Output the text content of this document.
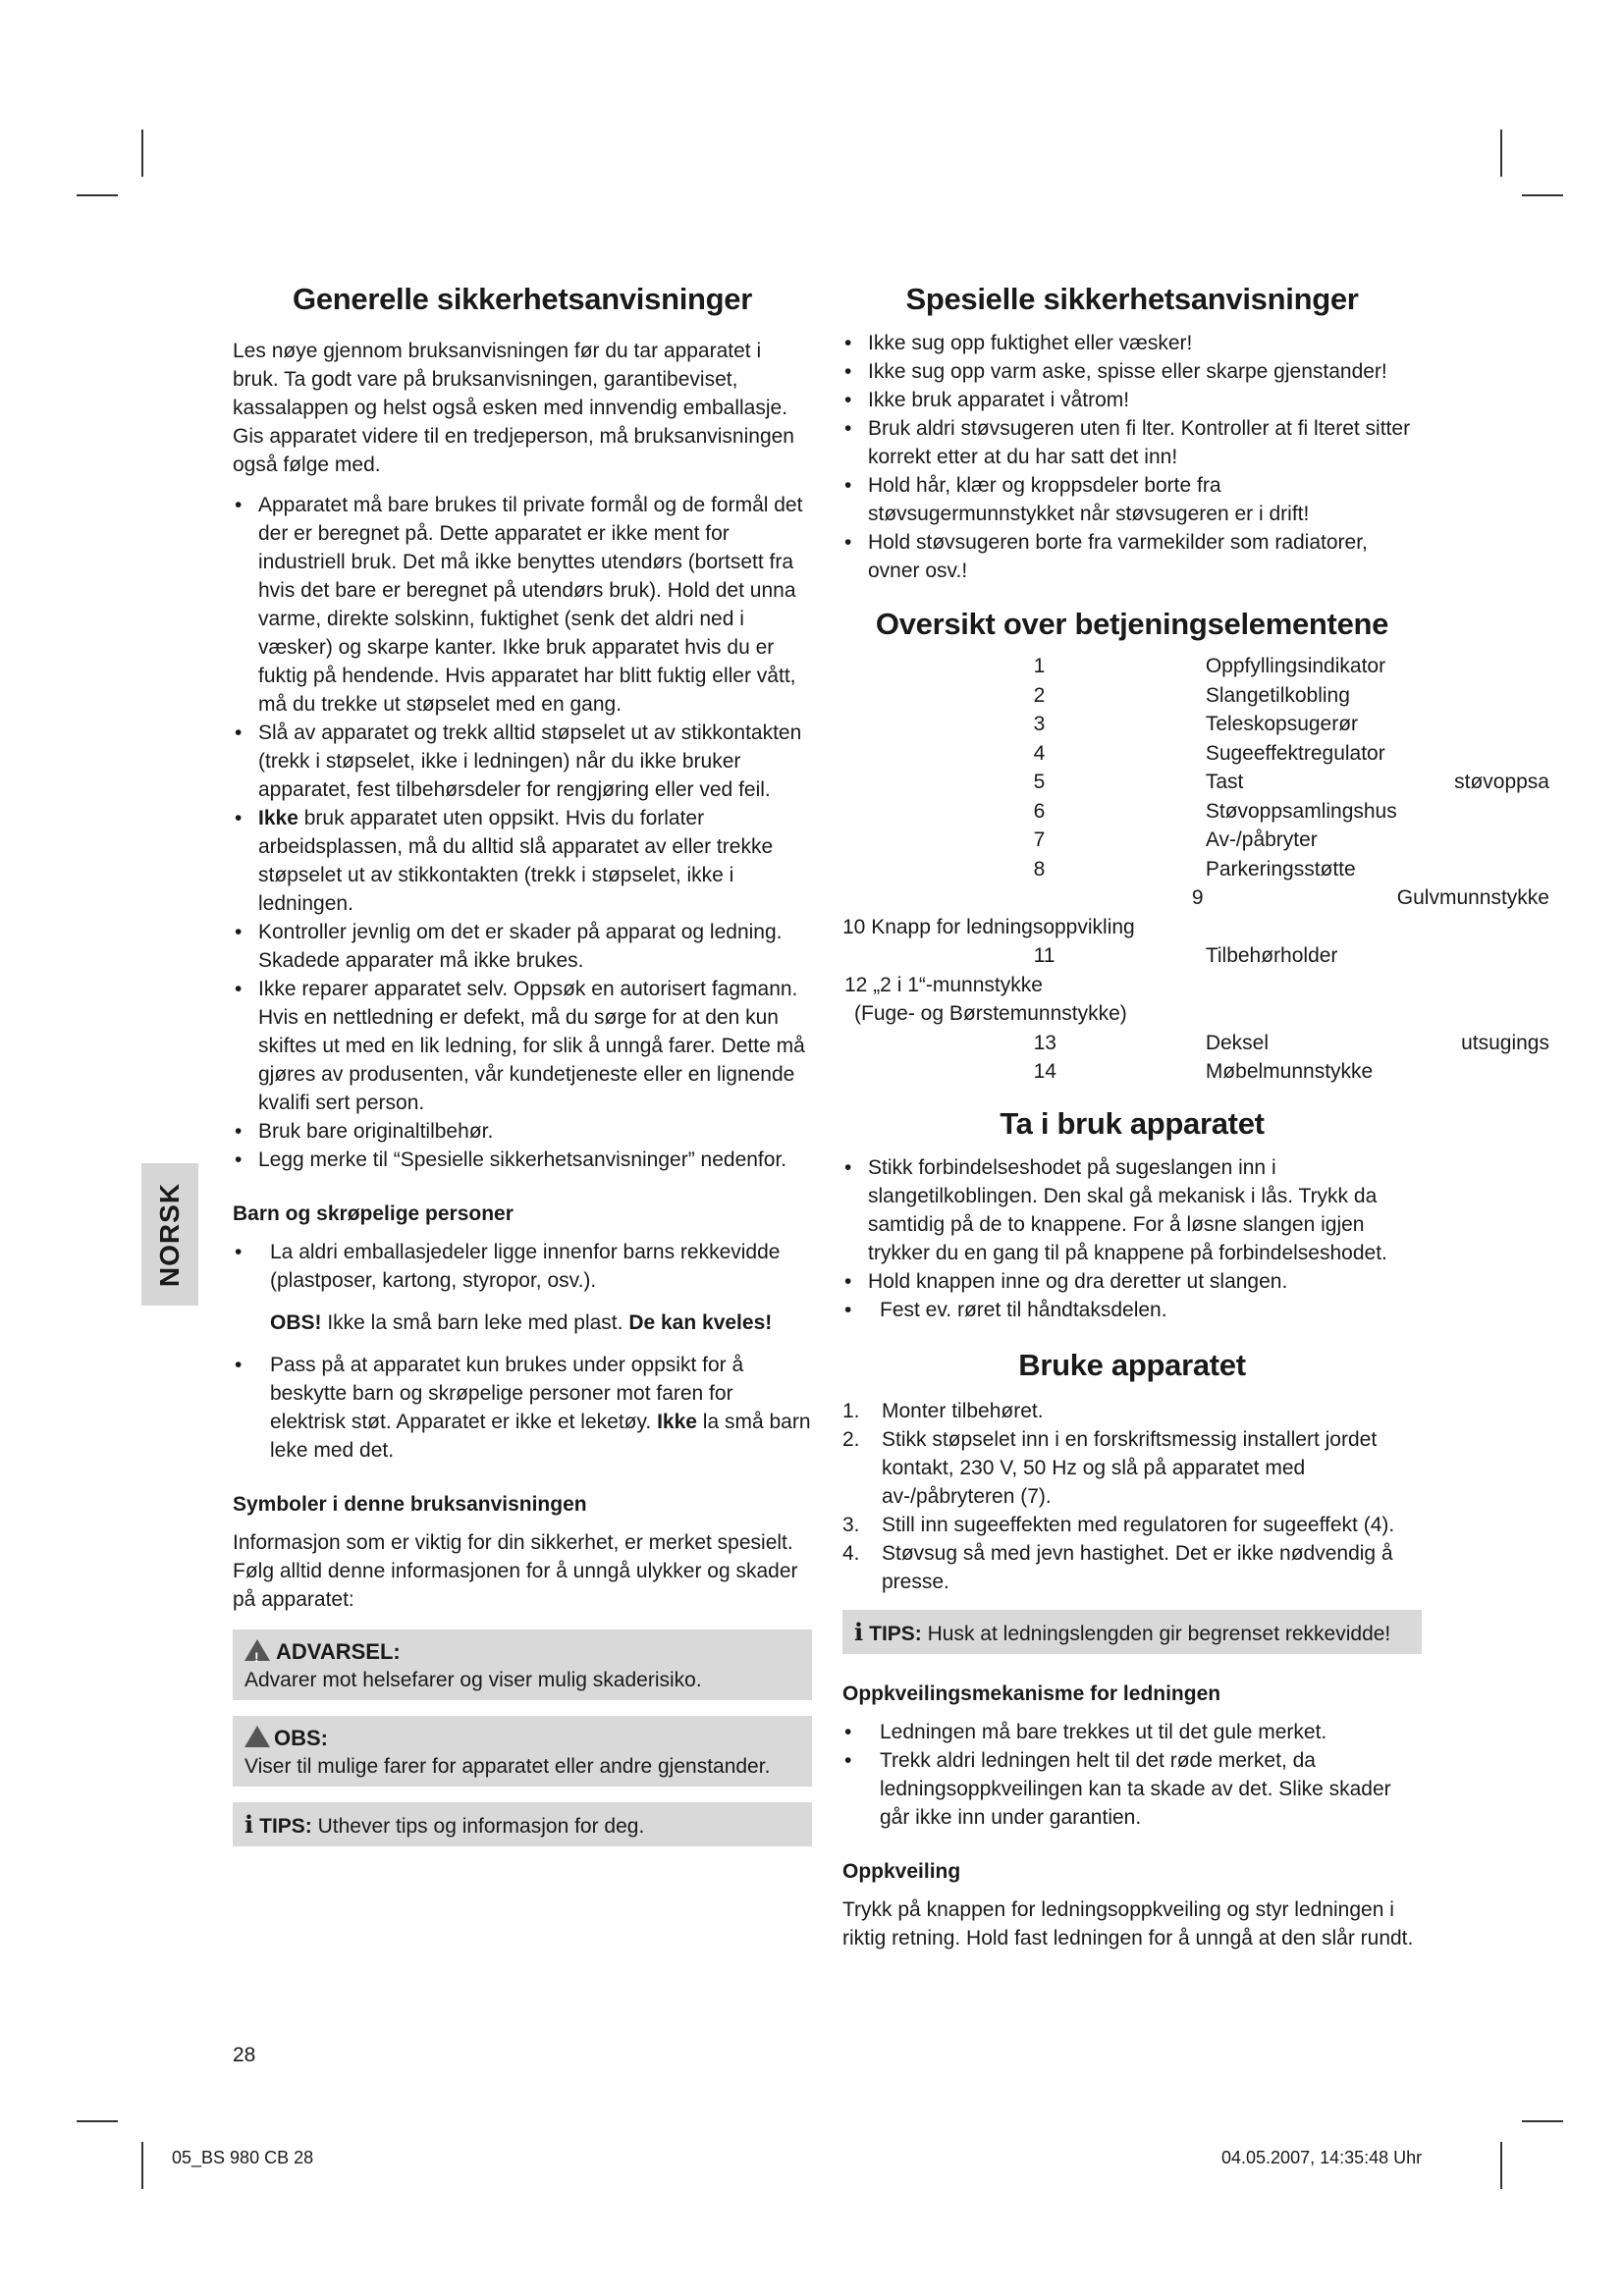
NORSK
Generelle sikkerhetsanvisninger

Les nøye gjennom bruksanvisningen før du tar apparatet i bruk. Ta godt vare på bruksanvisningen, garantibeviset, kassalappen og helst også esken med innvendig emballasje. Gis apparatet videre til en tredjeperson, må bruksanvisningen også følge med.

• Apparatet må bare brukes til private formål og de formål det der er beregnet på. Dette apparatet er ikke ment for industriell bruk. Det må ikke benyttes utendørs (bortsett fra hvis det bare er beregnet på utendørs bruk). Hold det unna varme, direkte solskinn, fuktighet (senk det aldri ned i væsker) og skarpe kanter. Ikke bruk apparatet hvis du er fuktig på hendende. Hvis apparatet har blitt fuktig eller vått, må du trekke ut støpselet med en gang.
• Slå av apparatet og trekk alltid støpselet ut av stikkontakten (trekk i støpselet, ikke i ledningen) når du ikke bruker apparatet, fest tilbehørsdeler for rengjøring eller ved feil.
• Ikke bruk apparatet uten oppsikt. Hvis du forlater arbeidsplassen, må du alltid slå apparatet av eller trekke støpselet ut av stikkontakten (trekk i støpselet, ikke i ledningen.
• Kontroller jevnlig om det er skader på apparat og ledning. Skadede apparater må ikke brukes.
• Ikke reparer apparatet selv. Oppsøk en autorisert fagmann. Hvis en nettledning er defekt, må du sørge for at den kun skiftes ut med en lik ledning, for slik å unngå farer. Dette må gjøres av produsenten, vår kundetjeneste eller en lignende kvalifi sert person.
• Bruk bare originaltilbehør.
• Legg merke til “Spesielle sikkerhetsanvisninger” nedenfor.
Barn og skrøpelige personer
• La aldri emballasjedeler ligge innenfor barns rekkevidde (plastposer, kartong, styropor, osv.).

OBS! Ikke la små barn leke med plast. De kan kveles!

• Pass på at apparatet kun brukes under oppsikt for å beskytte barn og skrøpelige personer mot faren for elektrisk støt. Apparatet er ikke et leketøy. Ikke la små barn leke med det.
Symboler i denne bruksanvisningen

Informasjon som er viktig for din sikkerhet, er merket spesielt. Følg alltid denne informasjonen for å unngå ulykker og skader på apparatet:

!ADVARSEL:
Advarer mot helsefarer og viser mulig skaderisiko.
OBS:
Viser til mulige farer for apparatet eller andre gjenstander.
i TIPS: Uthever tips og informasjon for deg.
Spesielle sikkerhetsanvisninger
• Ikke sug opp fuktighet eller væsker!
• Ikke sug opp varm aske, spisse eller skarpe gjenstander!
• Ikke bruk apparatet i våtrom!
• Bruk aldri støvsugeren uten fi lter. Kontroller at fi lteret sitter korrekt etter at du har satt det inn!
• Hold hår, klær og kroppsdeler borte fra støvsugermunnstykket når støvsugeren er i drift!
• Hold støvsugeren borte fra varmekilder som radiatorer, ovner osv.!
Oversikt over betjeningselementene
	1	Oppfyllingsindikator	
	2	Slangetilkobling	
	3	Teleskopsugerør	
	4	Sugeeffektregulator	
	5	Tast	støvoppsa
	6	Støvoppsamlingshus	
	7	Av-/påbryter	
	8	Parkeringsstøtte	
		9	Gulvmunnstykke
10 Knapp for ledningsoppvikling			
	11	Tilbehørholder	
12 „2 i 1“-munnstykke			
(Fuge- og Børstemunnstykke)			
	13	Deksel	utsugings
	14	Møbelmunnstykke	
Ta i bruk apparatet
• Stikk forbindelseshodet på sugeslangen inn i slangetilkoblingen. Den skal gå mekanisk i lås. Trykk da samtidig på de to knappene. For å løsne slangen igjen trykker du en gang til på knappene på forbindelseshodet.
• Hold knappen inne og dra deretter ut slangen.
• Fest ev. røret til håndtaksdelen.
Bruke apparatet
1. Monter tilbehøret.
2. Stikk støpselet inn i en forskriftsmessig installert jordet kontakt, 230 V, 50 Hz og slå på apparatet med av-/påbryteren (7).
3. Still inn sugeeffekten med regulatoren for sugeeffekt (4).
4. Støvsug så med jevn hastighet. Det er ikke nødvendig å presse.
i TIPS: Husk at ledningslengden gir begrenset rekkevidde!
Oppkveilingsmekanisme for ledningen
• Ledningen må bare trekkes ut til det gule merket.
• Trekk aldri ledningen helt til det røde merket, da ledningsoppkveilingen kan ta skade av det. Slike skader går ikke inn under garantien.
Oppkveiling

Trykk på knappen for ledningsoppkveiling og styr ledningen i riktig retning. Hold fast ledningen for å unngå at den slår rundt.

28
05_BS 980 CB 28	04.05.2007, 14:35:48 Uhr
